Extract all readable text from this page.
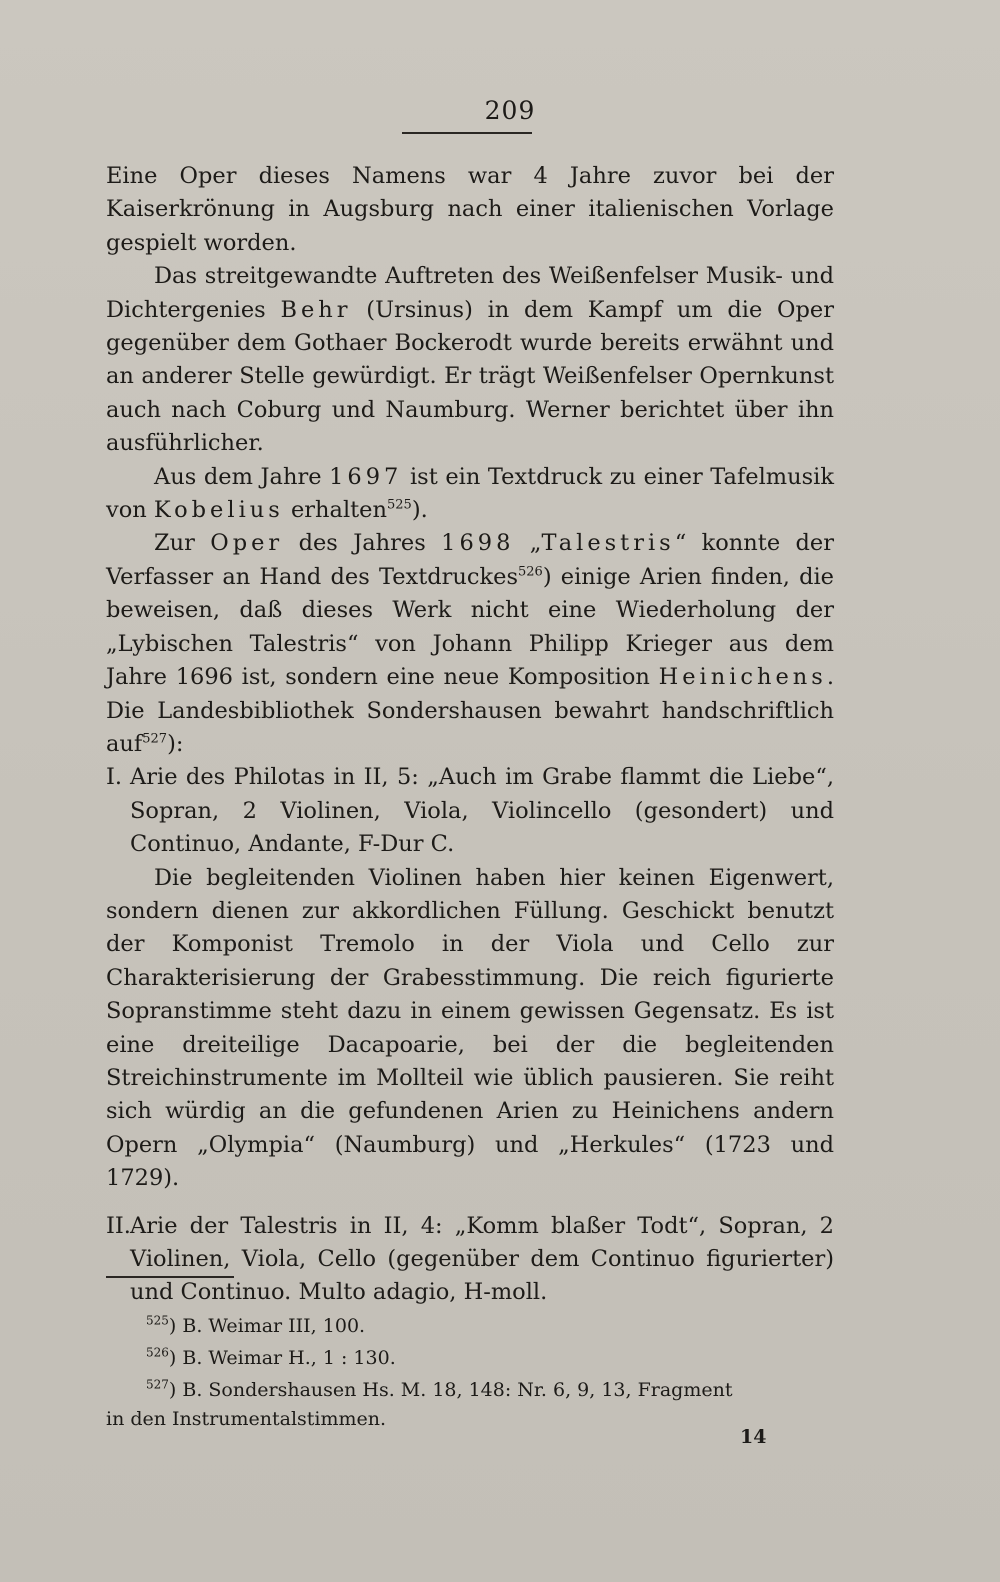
209

Eine Oper dieses Namens war 4 Jahre zuvor bei der Kaiserkrönung in Augsburg nach einer italienischen Vorlage gespielt worden.

Das streitgewandte Auftreten des Weißenfelser Musik- und Dichtergenies Behr (Ursinus) in dem Kampf um die Oper gegenüber dem Gothaer Bockerodt wurde bereits erwähnt und an anderer Stelle gewürdigt. Er trägt Weißenfelser Opernkunst auch nach Coburg und Naumburg. Werner berichtet über ihn ausführlicher.

Aus dem Jahre 1697 ist ein Textdruck zu einer Tafelmusik von Kobelius erhalten$^{525}$).

Zur Oper des Jahres 1698 „Talestris“ konnte der Verfasser an Hand des Textdruckes$^{526}$) einige Arien finden, die beweisen, daß dieses Werk nicht eine Wiederholung der „Lybischen Talestris“ von Johann Philipp Krieger aus dem Jahre 1696 ist, sondern eine neue Komposition Heinichens. Die Landesbibliothek Sondershausen bewahrt handschriftlich auf$^{527}$):

I. Arie des Philotas in II, 5: „Auch im Grabe flammt die Liebe“, Sopran, 2 Violinen, Viola, Violincello (gesondert) und Continuo, Andante, F-Dur C.

Die begleitenden Violinen haben hier keinen Eigenwert, sondern dienen zur akkordlichen Füllung. Geschickt benutzt der Komponist Tremolo in der Viola und Cello zur Charakterisierung der Grabesstimmung. Die reich figurierte Sopranstimme steht dazu in einem gewissen Gegensatz. Es ist eine dreiteilige Dacapoarie, bei der die begleitenden Streichinstrumente im Mollteil wie üblich pausieren. Sie reiht sich würdig an die gefundenen Arien zu Heinichens andern Opern „Olympia“ (Naumburg) und „Herkules“ (1723 und 1729).

II. Arie der Talestris in II, 4: „Komm blaßer Todt“, Sopran, 2 Violinen, Viola, Cello (gegenüber dem Continuo figurierter) und Continuo. Multo adagio, H-moll.

$^{525}$) B. Weimar III, 100.

$^{526}$) B. Weimar H., 1 : 130.

$^{527}$) B. Sondershausen Hs. M. 18, 148: Nr. 6, 9, 13, Fragment

in den Instrumentalstimmen.

14
